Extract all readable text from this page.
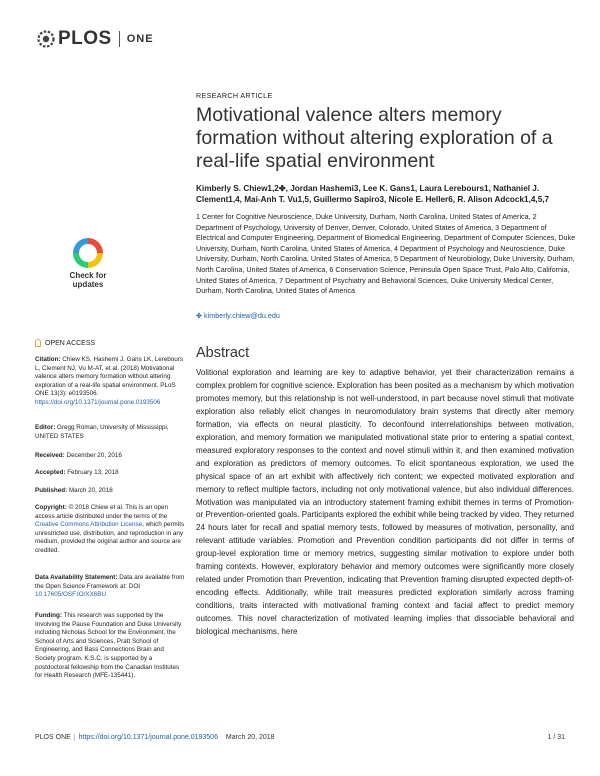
PLOS ONE
RESEARCH ARTICLE
Motivational valence alters memory formation without altering exploration of a real-life spatial environment
Kimberly S. Chiew1,2✤, Jordan Hashemi3, Lee K. Gans1, Laura Lerebours1, Nathaniel J. Clement1,4, Mai-Anh T. Vu1,5, Guillermo Sapiro3, Nicole E. Heller6, R. Alison Adcock1,4,5,7
1 Center for Cognitive Neuroscience, Duke University, Durham, North Carolina, United States of America, 2 Department of Psychology, University of Denver, Denver, Colorado, United States of America, 3 Department of Electrical and Computer Engineering, Department of Biomedical Engineering, Department of Computer Sciences, Duke University, Durham, North Carolina, United States of America, 4 Department of Psychology and Neuroscience, Duke University, Durham, North Carolina, United States of America, 5 Department of Neurobiology, Duke University, Durham, North Carolina, United States of America, 6 Conservation Science, Peninsula Open Space Trust, Palo Alto, California, United States of America, 7 Department of Psychiatry and Behavioral Sciences, Duke University Medical Center, Durham, North Carolina, United States of America
✤ kimberly.chiew@du.edu
Check for
updates
Abstract
Volitional exploration and learning are key to adaptive behavior, yet their characterization remains a complex problem for cognitive science. Exploration has been posited as a mechanism by which motivation promotes memory, but this relationship is not well-understood, in part because novel stimuli that motivate exploration also reliably elicit changes in neuromodulatory brain systems that directly alter memory formation, via effects on neural plasticity. To deconfound interrelationships between motivation, exploration, and memory formation we manipulated motivational state prior to entering a spatial context, measured exploratory responses to the context and novel stimuli within it, and then examined motivation and exploration as predictors of memory outcomes. To elicit spontaneous exploration, we used the physical space of an art exhibit with affectively rich content; we expected motivated exploration and memory to reflect multiple factors, including not only motivational valence, but also individual differences. Motivation was manipulated via an introductory statement framing exhibit themes in terms of Promotion- or Prevention-oriented goals. Participants explored the exhibit while being tracked by video. They returned 24 hours later for recall and spatial memory tests, followed by measures of motivation, personality, and relevant attitude variables. Promotion and Prevention condition participants did not differ in terms of group-level exploration time or memory metrics, suggesting similar motivation to explore under both framing contexts. However, exploratory behavior and memory outcomes were significantly more closely related under Promotion than Prevention, indicating that Prevention framing disrupted expected depth-of-encoding effects. Additionally, while trait measures predicted exploration similarly across framing conditions, traits interacted with motivational framing context and facial affect to predict memory outcomes. This novel characterization of motivated learning implies that dissociable behavioral and biological mechanisms, here
OPEN ACCESS
Citation: Chiew KS, Hashemi J, Gans LK, Lerebours L, Clement NJ, Vu M-AT, et al. (2018) Motivational valence alters memory formation without altering exploration of a real-life spatial environment. PLoS ONE 13(3): e0193506. https://doi.org/10.1371/journal.pone.0193506
Editor: Gregg Roman, University of Mississippi, UNITED STATES
Received: December 20, 2016
Accepted: February 13, 2018
Published: March 20, 2018
Copyright: © 2018 Chiew et al. This is an open access article distributed under the terms of the Creative Commons Attribution License, which permits unrestricted use, distribution, and reproduction in any medium, provided the original author and source are credited.
Data Availability Statement: Data are available from the Open Science Framework at: DOI 10.17605/OSF.IO/XX6BU
Funding: This research was supported by the Involving the Pause Foundation and Duke University including Nicholas School for the Environment, the School of Arts and Sciences, Pratt School of Engineering, and Bass Connections Brain and Society program. K.S.C. is supported by a postdoctoral fellowship from the Canadian Institutes for Health Research (MFE-135441).
PLOS ONE | https://doi.org/10.1371/journal.pone.0193506
March 20, 2018	1 / 31
